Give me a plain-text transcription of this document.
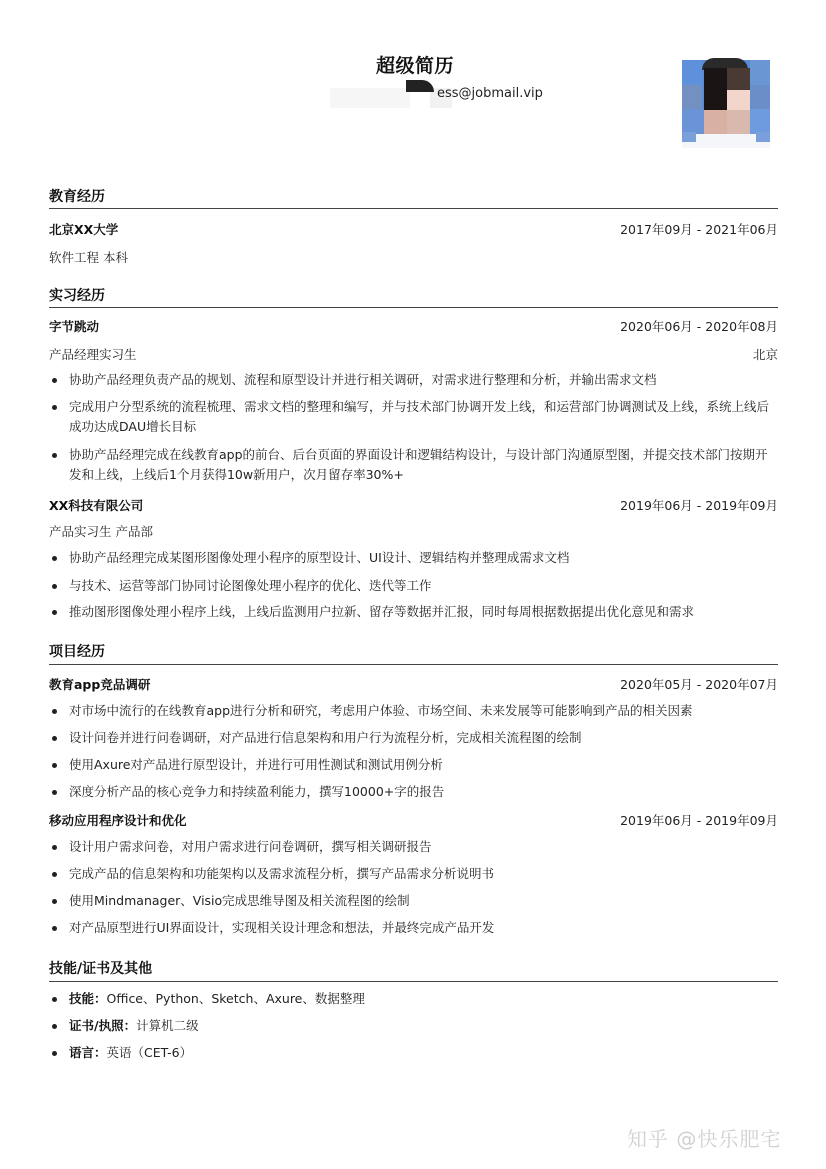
超级简历
ess@jobmail.vip
教育经历
北京XX大学	2017年09月 - 2021年06月
软件工程 本科
实习经历
字节跳动	2020年06月 - 2020年08月
产品经理实习生	北京
协助产品经理负责产品的规划、流程和原型设计并进行相关调研，对需求进行整理和分析，并输出需求文档
完成用户分型系统的流程梳理、需求文档的整理和编写，并与技术部门协调开发上线，和运营部门协调测试及上线，系统上线后成功达成DAU增长目标
协助产品经理完成在线教育app的前台、后台页面的界面设计和逻辑结构设计，与设计部门沟通原型图，并提交技术部门按期开发和上线，上线后1个月获得10w新用户，次月留存率30%+
XX科技有限公司	2019年06月 - 2019年09月
产品实习生 产品部
协助产品经理完成某图形图像处理小程序的原型设计、UI设计、逻辑结构并整理成需求文档
与技术、运营等部门协同讨论图像处理小程序的优化、迭代等工作
推动图形图像处理小程序上线，上线后监测用户拉新、留存等数据并汇报，同时每周根据数据提出优化意见和需求
项目经历
教育app竞品调研	2020年05月 - 2020年07月
对市场中流行的在线教育app进行分析和研究，考虑用户体验、市场空间、未来发展等可能影响到产品的相关因素
设计问卷并进行问卷调研，对产品进行信息架构和用户行为流程分析，完成相关流程图的绘制
使用Axure对产品进行原型设计，并进行可用性测试和测试用例分析
深度分析产品的核心竞争力和持续盈利能力，撰写10000+字的报告
移动应用程序设计和优化	2019年06月 - 2019年09月
设计用户需求问卷，对用户需求进行问卷调研，撰写相关调研报告
完成产品的信息架构和功能架构以及需求流程分析，撰写产品需求分析说明书
使用Mindmanager、Visio完成思维导图及相关流程图的绘制
对产品原型进行UI界面设计，实现相关设计理念和想法，并最终完成产品开发
技能/证书及其他
技能：Office、Python、Sketch、Axure、数据整理
证书/执照：计算机二级
语言：英语（CET-6）
知乎 @快乐肥宅
